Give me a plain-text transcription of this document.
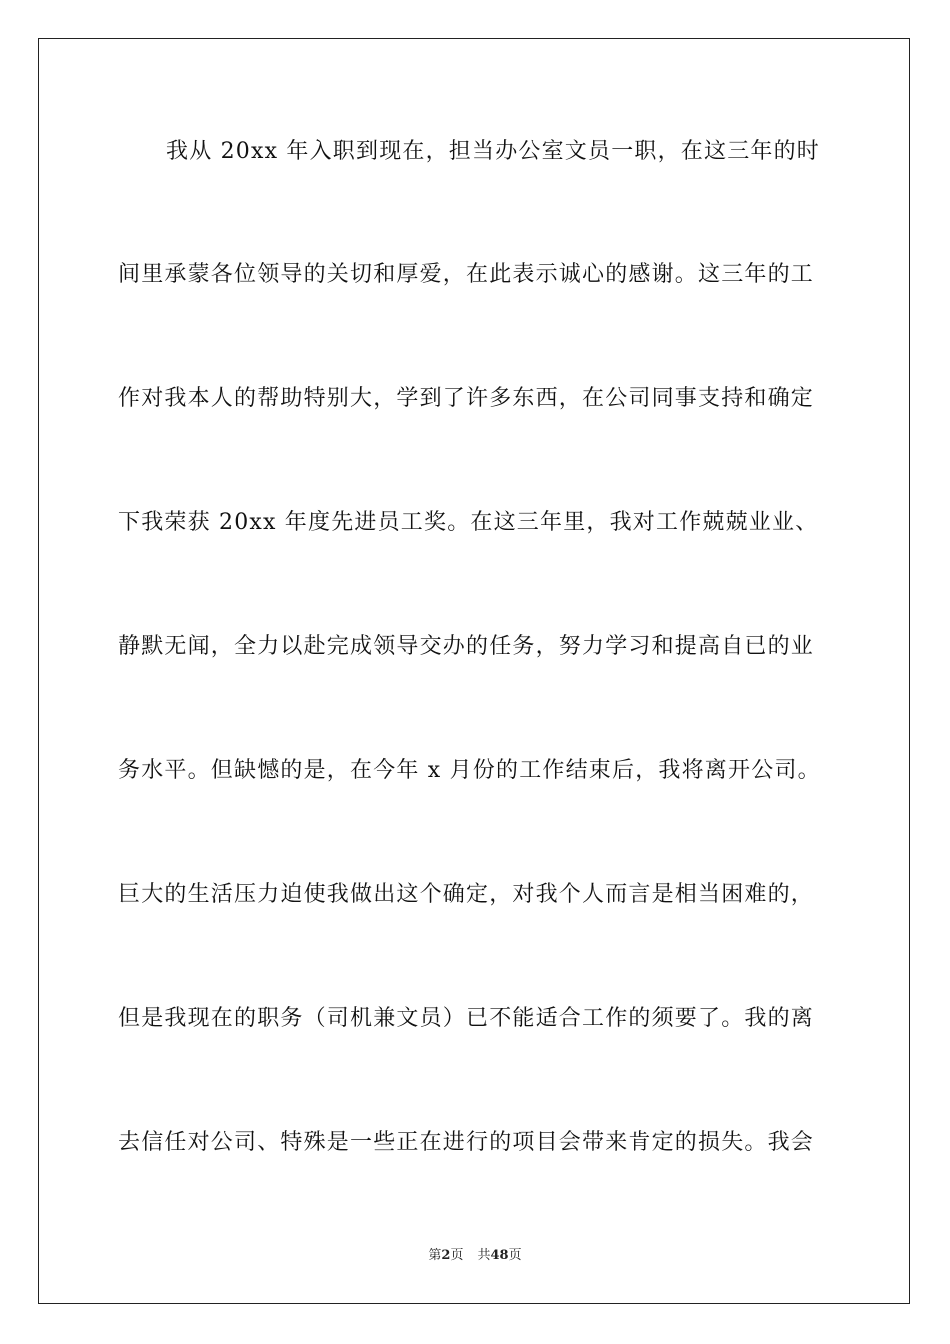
我从 20xx 年入职到现在，担当办公室文员一职，在这三年的时
间里承蒙各位领导的关切和厚爱，在此表示诚心的感谢。这三年的工
作对我本人的帮助特别大，学到了许多东西，在公司同事支持和确定
下我荣获 20xx 年度先进员工奖。在这三年里，我对工作兢兢业业、
静默无闻，全力以赴完成领导交办的任务，努力学习和提高自已的业
务水平。但缺憾的是，在今年 x 月份的工作结束后，我将离开公司。
巨大的生活压力迫使我做出这个确定，对我个人而言是相当困难的，
但是我现在的职务（司机兼文员）已不能适合工作的须要了。我的离
去信任对公司、特殊是一些正在进行的项目会带来肯定的损失。我会
第2页 共48页
